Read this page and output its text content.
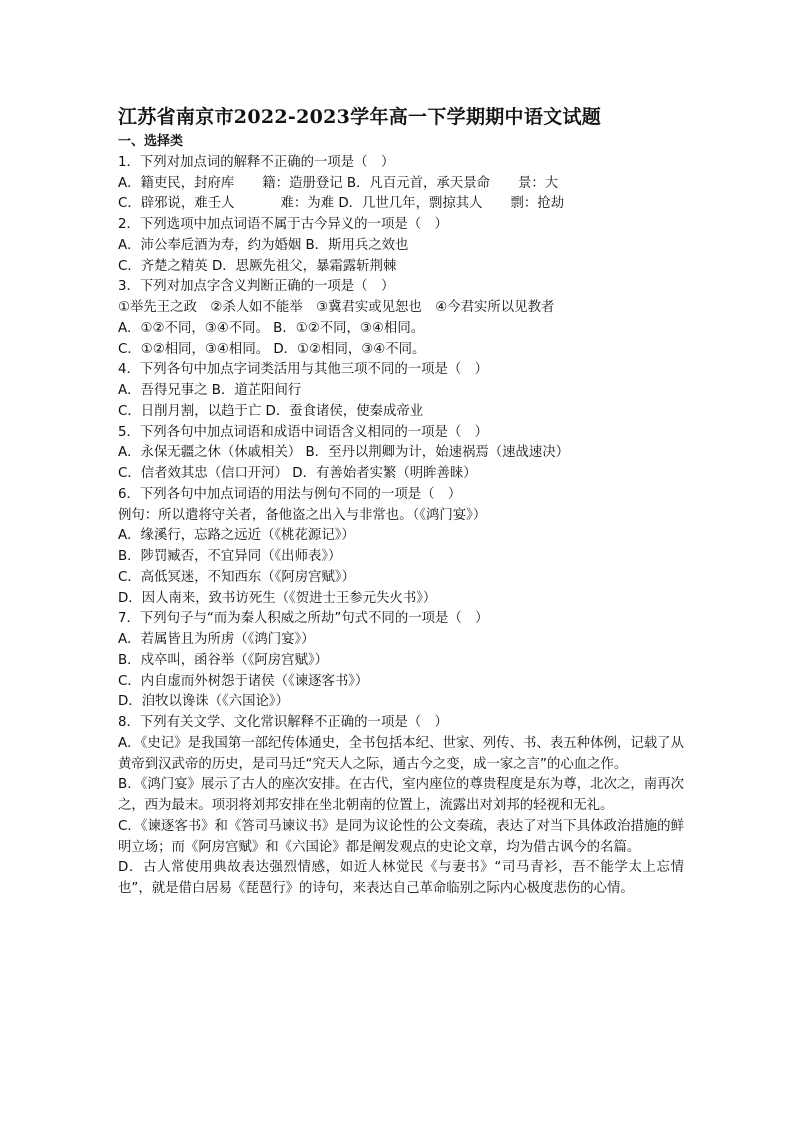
江苏省南京市2022-2023学年高一下学期期中语文试题
一、选择类
1．下列对加点词的解释不正确的一项是（　）
A．籍吏民，封府库 籍：造册登记 B．凡百元首，承天景命 景：大
C．辟邪说，难壬人	难：为难 D．几世几年，剽掠其人 剽：抢劫
2．下列选项中加点词语不属于古今异义的一项是（　）
A．沛公奉卮酒为寿，约为婚姻 B．斯用兵之效也
C．齐楚之精英 D．思厥先祖父，暴霜露斩荆棘
3．下列对加点字含义判断正确的一项是（　）
①举先王之政　②杀人如不能举　③冀君实或见恕也　④今君实所以见教者
A．①②不同，③④不同。 B．①②不同，③④相同。
C．①②相同，③④相同。 D．①②相同，③④不同。
4．下列各句中加点字词类活用与其他三项不同的一项是（　）
A．吾得兄事之 B．道芷阳间行
C．日削月割，以趋于亡 D．蚕食诸侯，使秦成帝业
5．下列各句中加点词语和成语中词语含义相同的一项是（　）
A．永保无疆之休（休戚相关） B．至丹以荆卿为计，始速祸焉（速战速决）
C．信者效其忠（信口开河） D．有善始者实繁（明眸善睐）
6．下列各句中加点词语的用法与例句不同的一项是（　）
例句：所以遣将守关者，备他盗之出入与非常也。（《鸿门宴》）
A．缘溪行，忘路之远近（《桃花源记》）
B．陟罚臧否，不宜异同（《出师表》）
C．高低冥迷，不知西东（《阿房宫赋》）
D．因人南来，致书访死生（《贺进士王参元失火书》）
7．下列句子与“而为秦人积威之所劫”句式不同的一项是（　）
A．若属皆且为所虏（《鸿门宴》）
B．戍卒叫，函谷举（《阿房宫赋》）
C．内自虚而外树怨于诸侯（《谏逐客书》）
D．洎牧以谗诛（《六国论》）
8．下列有关文学、文化常识解释不正确的一项是（　）
A．《史记》是我国第一部纪传体通史，全书包括本纪、世家、列传、书、表五种体例，记载了从黄帝到汉武帝的历史，是司马迁“究天人之际，通古今之变，成一家之言”的心血之作。
B．《鸿门宴》展示了古人的座次安排。在古代，室内座位的尊贵程度是东为尊，北次之，南再次之，西为最末。项羽将刘邦安排在坐北朝南的位置上，流露出对刘邦的轻视和无礼。
C．《谏逐客书》和《答司马谏议书》是同为议论性的公文奏疏，表达了对当下具体政治措施的鲜明立场；而《阿房宫赋》和《六国论》都是阐发观点的史论文章，均为借古讽今的名篇。
D．古人常使用典故表达强烈情感，如近人林觉民《与妻书》“司马青衫，吾不能学太上忘情也”，就是借白居易《琵琶行》的诗句，来表达自己革命临别之际内心极度悲伤的心情。
